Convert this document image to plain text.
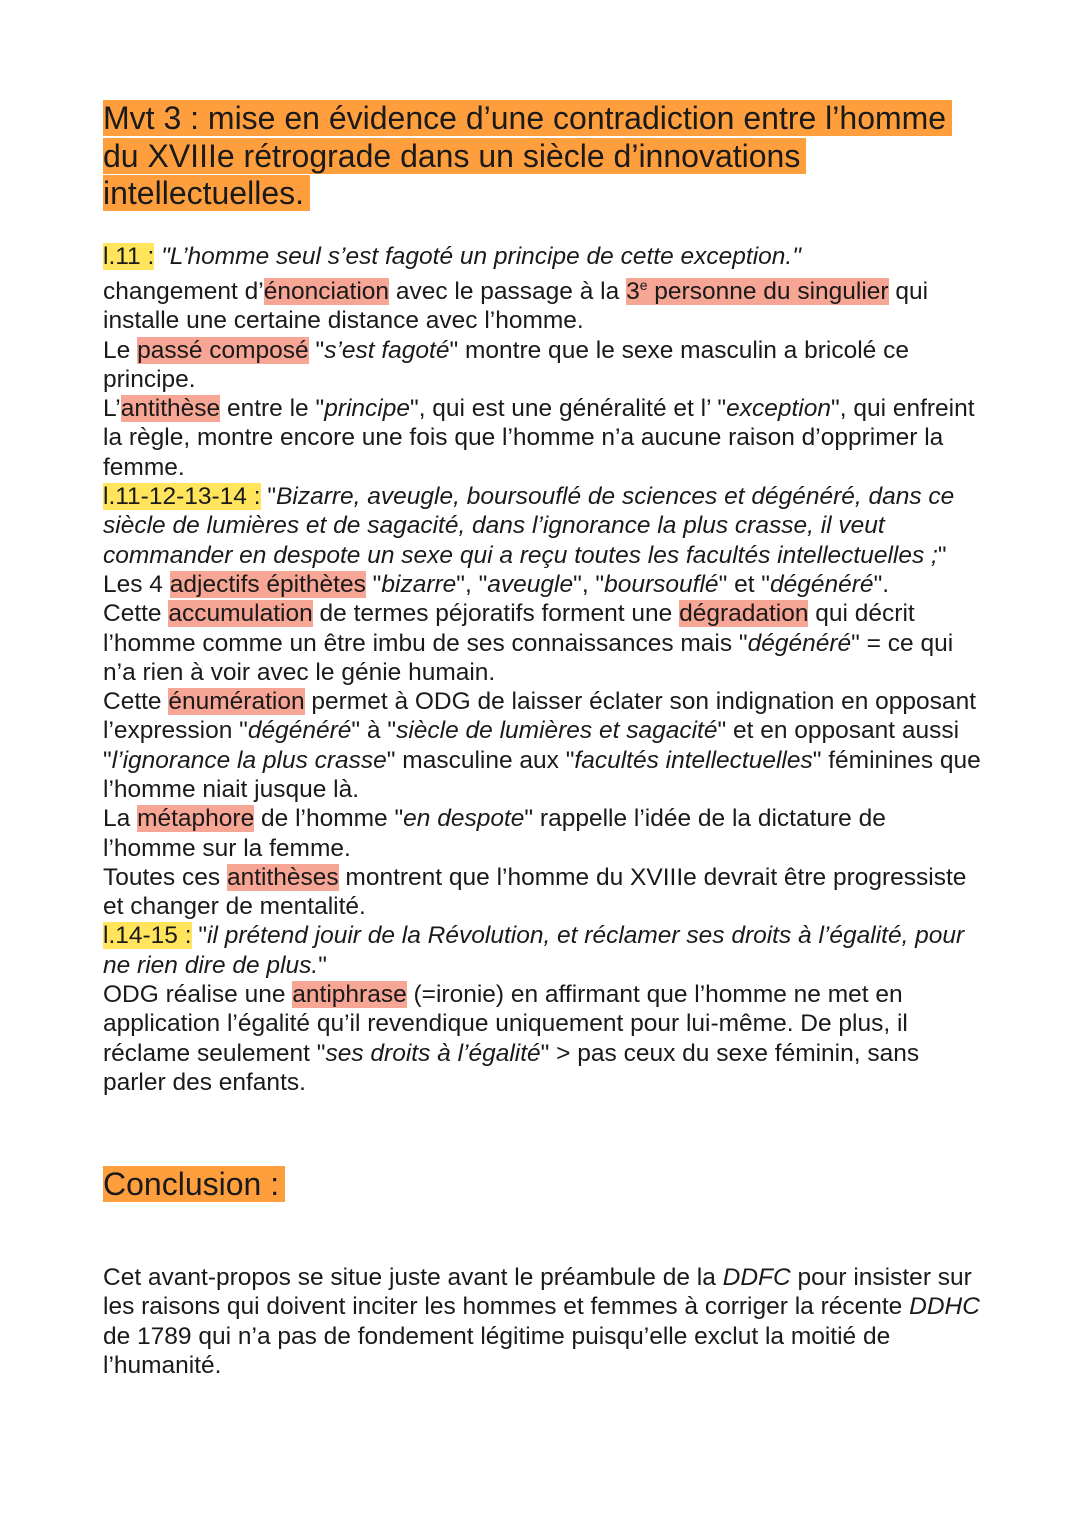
Mvt 3 : mise en évidence d’une contradiction entre l’homme
du XVIIIe rétrograde dans un siècle d’innovations
intellectuelles.

l.11 : "L’homme seul s’est fagoté un principe de cette exception."
changement d’énonciation avec le passage à la 3e personne du singulier qui installe une certaine distance avec l’homme.

Le passé composé "s’est fagoté" montre que le sexe masculin a bricolé ce principe.

L’antithèse entre le "principe", qui est une généralité et l’ "exception", qui enfreint la règle, montre encore une fois que l’homme n’a aucune raison d’opprimer la femme.

l.11-12-13-14 : "Bizarre, aveugle, boursouflé de sciences et dégénéré, dans ce siècle de lumières et de sagacité, dans l’ignorance la plus crasse, il veut commander en despote un sexe qui a reçu toutes les facultés intellectuelles ;"

Les 4 adjectifs épithètes "bizarre", "aveugle", "boursouflé" et "dégénéré".

Cette accumulation de termes péjoratifs forment une dégradation qui décrit l’homme comme un être imbu de ses connaissances mais "dégénéré" = ce qui n’a rien à voir avec le génie humain.

Cette énumération permet à ODG de laisser éclater son indignation en opposant l’expression "dégénéré" à "siècle de lumières et sagacité" et en opposant aussi "l’ignorance la plus crasse" masculine aux "facultés intellectuelles" féminines que l’homme niait jusque là.

La métaphore de l’homme "en despote" rappelle l’idée de la dictature de l’homme sur la femme.

Toutes ces antithèses montrent que l’homme du XVIIIe devrait être progressiste et changer de mentalité.

l.14-15 : "il prétend jouir de la Révolution, et réclamer ses droits à l’égalité, pour ne rien dire de plus."

ODG réalise une antiphrase (=ironie) en affirmant que l’homme ne met en application l’égalité qu’il revendique uniquement pour lui-même. De plus, il réclame seulement "ses droits à l’égalité" > pas ceux du sexe féminin, sans parler des enfants.

Conclusion :

Cet avant-propos se situe juste avant le préambule de la DDFC pour insister sur les raisons qui doivent inciter les hommes et femmes à corriger la récente DDHC de 1789 qui n’a pas de fondement légitime puisqu’elle exclut la moitié de l’humanité.
